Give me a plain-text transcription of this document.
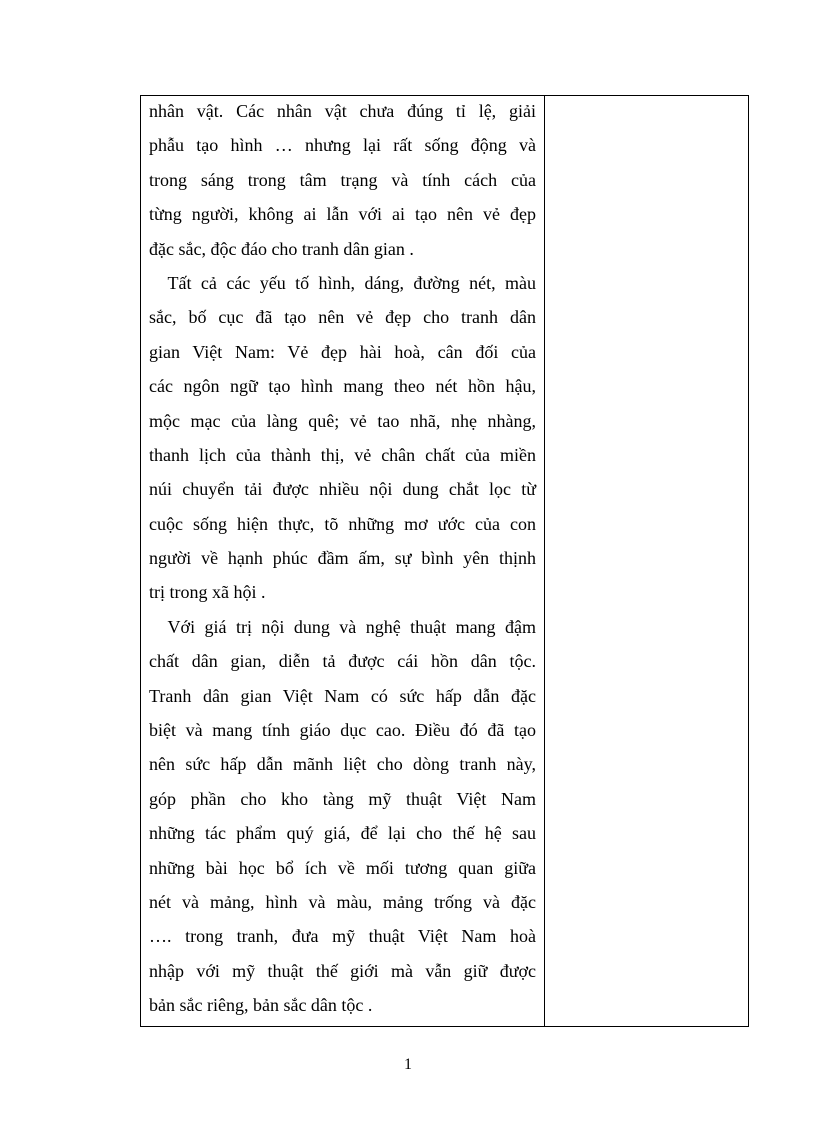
nhân vật. Các nhân vật chưa đúng tỉ lệ, giải
phẫu tạo hình … nhưng lại rất sống động và
trong sáng trong tâm trạng và tính cách của
từng người, không ai lẫn với ai tạo nên vẻ đẹp
đặc sắc, độc đáo cho tranh dân gian .
Tất cả các yếu tố hình, dáng, đường nét, màu
sắc, bố cục đã tạo nên vẻ đẹp cho tranh dân
gian Việt Nam: Vẻ đẹp hài hoà, cân đối của
các ngôn ngữ tạo hình mang theo nét hồn hậu,
mộc mạc của làng quê; vẻ tao nhã, nhẹ nhàng,
thanh lịch của thành thị, vẻ chân chất của miền
núi chuyển tải được nhiều nội dung chắt lọc từ
cuộc sống hiện thực, tõ những mơ ước của con
người về hạnh phúc đầm ấm, sự bình yên thịnh
trị trong xã hội .
Với giá trị nội dung và nghệ thuật mang đậm
chất dân gian, diễn tả được cái hồn dân tộc.
Tranh dân gian Việt Nam có sức hấp dẫn đặc
biệt và mang tính giáo dục cao. Điều đó đã tạo
nên sức hấp dẫn mãnh liệt cho dòng tranh này,
góp phần cho kho tàng mỹ thuật Việt Nam
những tác phẩm quý giá, để lại cho thế hệ sau
những bài học bổ ích về mối tương quan giữa
nét và mảng, hình và màu, mảng trống và đặc
…. trong tranh, đưa mỹ thuật Việt Nam hoà
nhập với mỹ thuật thế giới mà vẫn giữ được
bản sắc riêng, bản sắc dân tộc .
1
